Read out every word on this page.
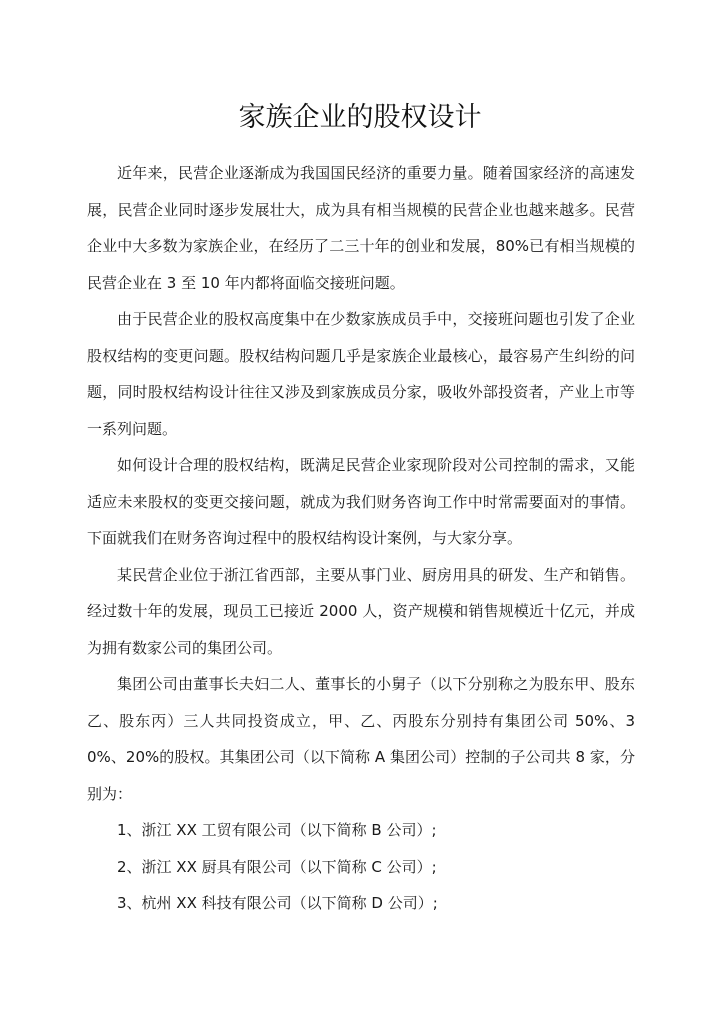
家族企业的股权设计

近年来，民营企业逐渐成为我国国民经济的重要力量。随着国家经济的高速发展，民营企业同时逐步发展壮大，成为具有相当规模的民营企业也越来越多。民营企业中大多数为家族企业，在经历了二三十年的创业和发展，80%已有相当规模的民营企业在 3 至 10 年内都将面临交接班问题。

由于民营企业的股权高度集中在少数家族成员手中，交接班问题也引发了企业股权结构的变更问题。股权结构问题几乎是家族企业最核心，最容易产生纠纷的问题，同时股权结构设计往往又涉及到家族成员分家，吸收外部投资者，产业上市等一系列问题。

如何设计合理的股权结构，既满足民营企业家现阶段对公司控制的需求，又能适应未来股权的变更交接问题，就成为我们财务咨询工作中时常需要面对的事情。下面就我们在财务咨询过程中的股权结构设计案例，与大家分享。

某民营企业位于浙江省西部，主要从事门业、厨房用具的研发、生产和销售。经过数十年的发展，现员工已接近 2000 人，资产规模和销售规模近十亿元，并成为拥有数家公司的集团公司。

集团公司由董事长夫妇二人、董事长的小舅子（以下分别称之为股东甲、股东乙、股东丙）三人共同投资成立，甲、乙、丙股东分别持有集团公司 50%、30%、20%的股权。其集团公司（以下简称 A 集团公司）控制的子公司共 8 家，分别为：

1、浙江 XX 工贸有限公司（以下简称 B 公司）;

2、浙江 XX 厨具有限公司（以下简称 C 公司）;

3、杭州 XX 科技有限公司（以下简称 D 公司）;
